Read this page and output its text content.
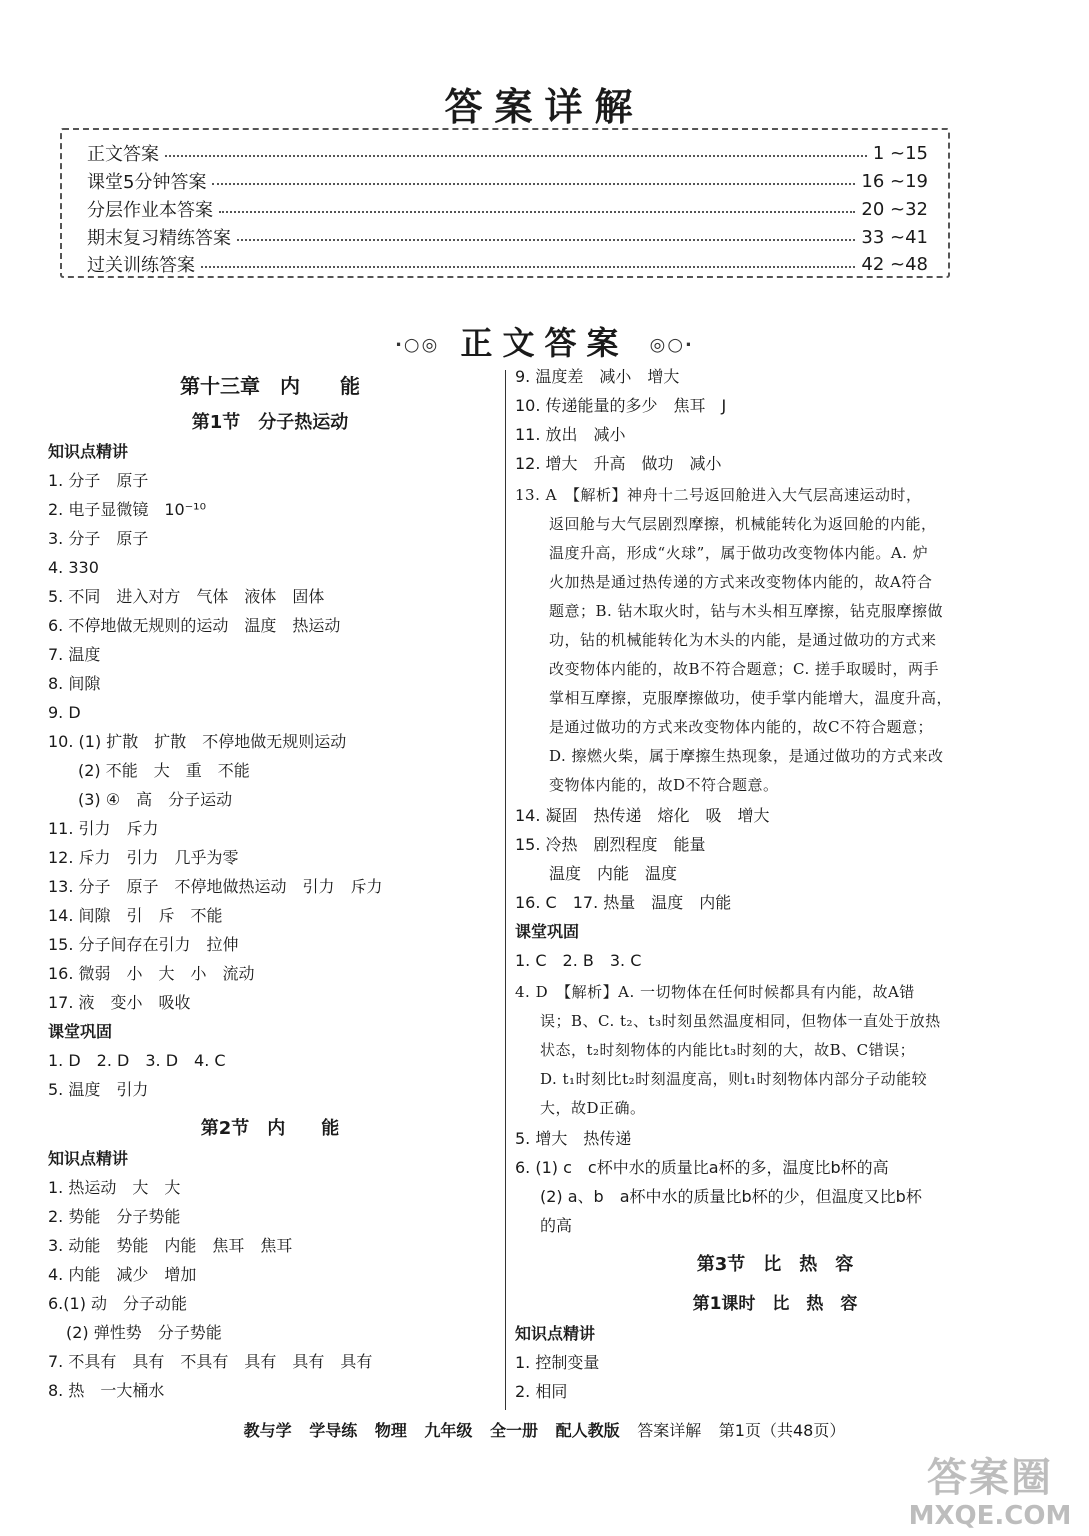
答案详解
正文答案	1 ~15
课堂5分钟答案	16 ~19
分层作业本答案	20 ~32
期末复习精练答案	33 ~41
过关训练答案	42 ~48
·○◎ 正文答案 ◎○·
第十三章　内　　能
第1节　分子热运动
知识点精讲
1. 分子　原子
2. 电子显微镜　10⁻¹⁰
3. 分子　原子
4. 330
5. 不同　进入对方　气体　液体　固体
6. 不停地做无规则的运动　温度　热运动
7. 温度
8. 间隙
9. D
10. (1) 扩散　扩散　不停地做无规则运动
(2) 不能　大　重　不能
(3) ④　高　分子运动
11. 引力　斥力
12. 斥力　引力　几乎为零
13. 分子　原子　不停地做热运动　引力　斥力
14. 间隙　引　斥　不能
15. 分子间存在引力　拉伸
16. 微弱　小　大　小　流动
17. 液　变小　吸收
课堂巩固
1. D　2. D　3. D　4. C
5. 温度　引力
第2节　内　　能
知识点精讲
1. 热运动　大　大
2. 势能　分子势能
3. 动能　势能　内能　焦耳　焦耳
4. 内能　减少　增加
6.(1) 动　分子动能
(2) 弹性势　分子势能
7. 不具有　具有　不具有　具有　具有　具有
8. 热　一大桶水
9. 温度差　减小　增大
10. 传递能量的多少　焦耳　J
11. 放出　减小
12. 增大　升高　做功　减小
13. A　【解析】神舟十二号返回舱进入大气层高速运动时，
返回舱与大气层剧烈摩擦，机械能转化为返回舱的内能，
温度升高，形成“火球”，属于做功改变物体内能。A. 炉
火加热是通过热传递的方式来改变物体内能的，故A符合
题意；B. 钻木取火时，钻与木头相互摩擦，钻克服摩擦做
功，钻的机械能转化为木头的内能，是通过做功的方式来
改变物体内能的，故B不符合题意；C. 搓手取暖时，两手
掌相互摩擦，克服摩擦做功，使手掌内能增大，温度升高，
是通过做功的方式来改变物体内能的，故C不符合题意；
D. 擦燃火柴，属于摩擦生热现象，是通过做功的方式来改
变物体内能的，故D不符合题意。
14. 凝固　热传递　熔化　吸　增大
15. 冷热　剧烈程度　能量
温度　内能　温度
16. C　17. 热量　温度　内能
课堂巩固
1. C　2. B　3. C
4. D　【解析】A. 一切物体在任何时候都具有内能，故A错
误；B、C. t₂、t₃时刻虽然温度相同，但物体一直处于放热
状态，t₂时刻物体的内能比t₃时刻的大，故B、C错误；
D. t₁时刻比t₂时刻温度高，则t₁时刻物体内部分子动能较
大，故D正确。
5. 增大　热传递
6. (1) c　c杯中水的质量比a杯的多，温度比b杯的高
(2) a、b　a杯中水的质量比b杯的少，但温度又比b杯
的高
第3节　比　热　容
第1课时　比　热　容
知识点精讲
1. 控制变量
2. 相同
教与学 学导练 物理 九年级 全一册 配人教版 答案详解 第1页（共48页）
答案圈
MXQE.COM
